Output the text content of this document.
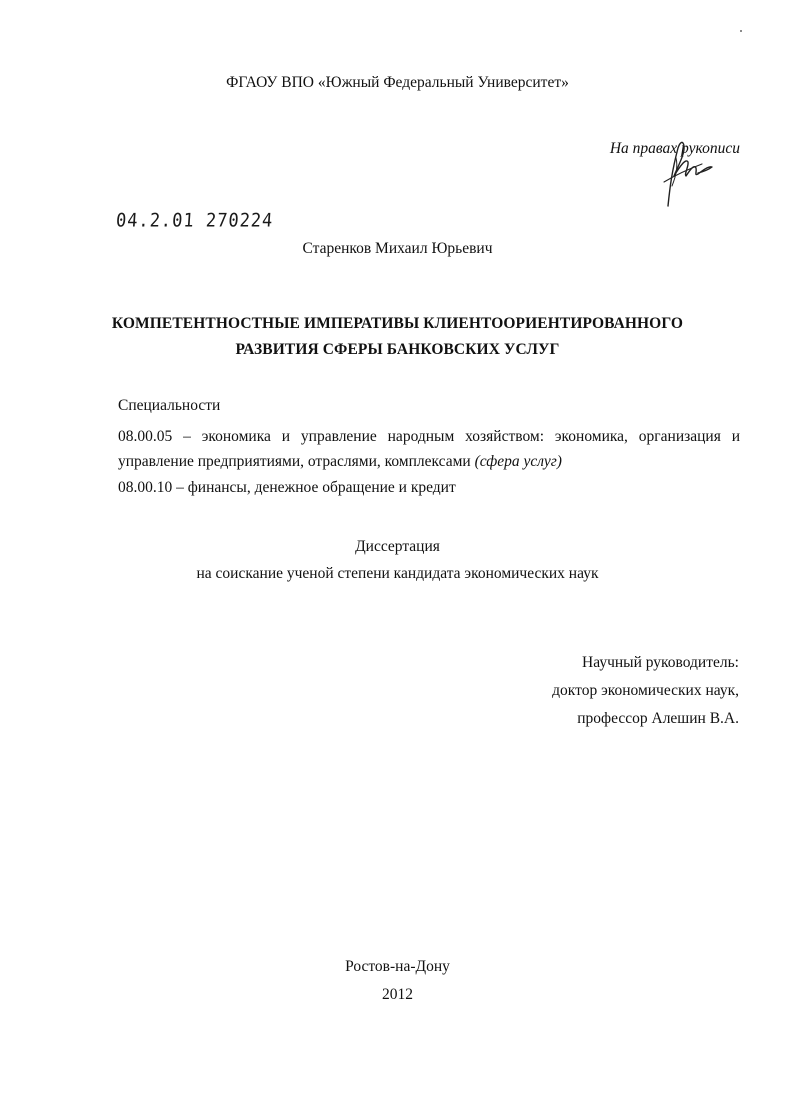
ФГАОУ ВПО «Южный Федеральный Университет»
На правах рукописи
04.2.01 270224
Старенков Михаил Юрьевич
КОМПЕТЕНТНОСТНЫЕ ИМПЕРАТИВЫ КЛИЕНТООРИЕНТИРОВАННОГО
РАЗВИТИЯ СФЕРЫ БАНКОВСКИХ УСЛУГ
Специальности
08.00.05 – экономика и управление народным хозяйством: экономика, организация и управление предприятиями, отраслями, комплексами (сфера услуг)
08.00.10 – финансы, денежное обращение и кредит
Диссертация
на соискание ученой степени кандидата экономических наук
Научный руководитель:
доктор экономических наук,
профессор Алешин В.А.
Ростов-на-Дону
2012
